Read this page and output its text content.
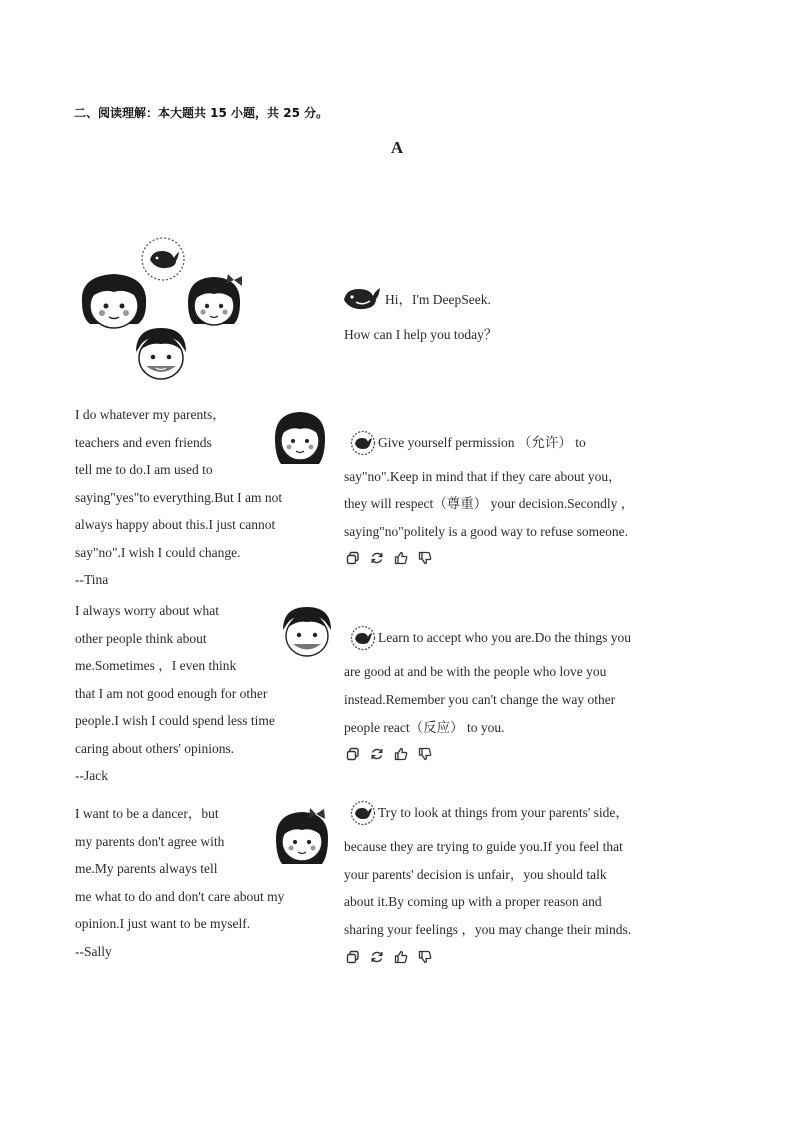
二、阅读理解：本大题共 15 小题，共 25 分。
A
Hi，I'm DeepSeek.
How can I help you today？
I do whatever my parents，
teachers and even friends
tell me to do.I am used to
saying"yes"to everything.But I am not
always happy about this.I just cannot
say"no".I wish I could change.
--Tina
Give yourself permission （允许） to
say"no".Keep in mind that if they care about you，
they will respect（尊重） your decision.Secondly ，
saying"no"politely is a good way to refuse someone.
I always worry about what
other people think about
me.Sometimes ，I even think
that I am not good enough for other
people.I wish I could spend less time
caring about others' opinions.
--Jack
Learn to accept who you are.Do the things you
are good at and be with the people who love you
instead.Remember you can't change the way other
people react（反应） to you.
I want to be a dancer，but
my parents don't agree with
me.My parents always tell
me what to do and don't care about my
opinion.I just want to be myself.
--Sally
Try to look at things from your parents' side，
because they are trying to guide you.If you feel that
your parents' decision is unfair，you should talk
about it.By coming up with a proper reason and
sharing your feelings ，you may change their minds.
